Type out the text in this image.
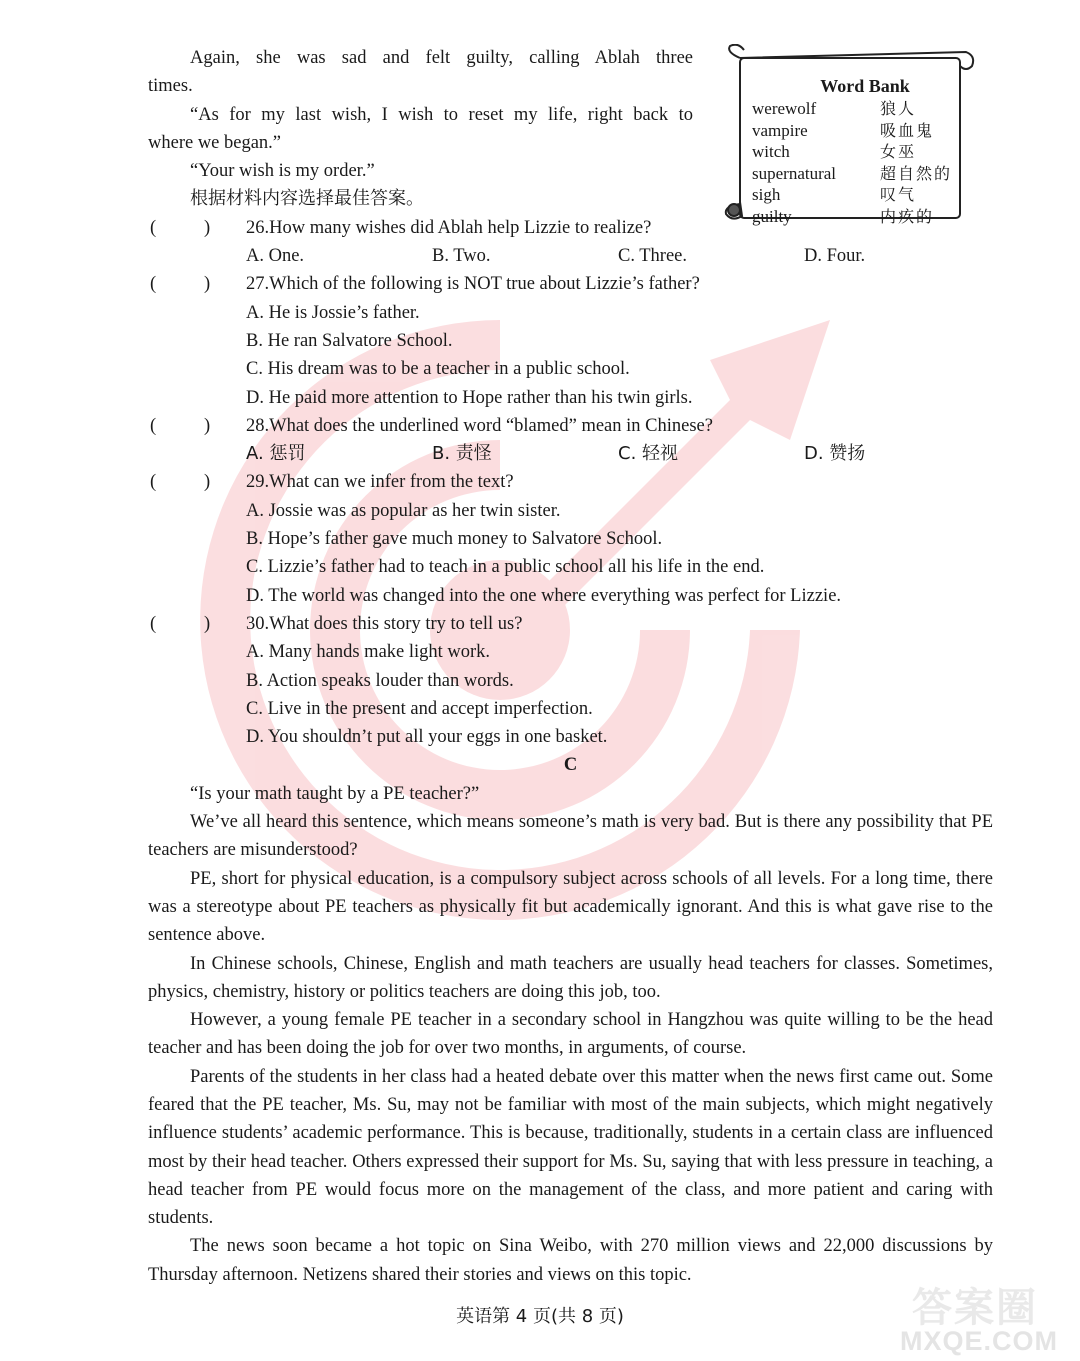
Again, she was sad and felt guilty, calling Ablah three

times.

“As for my last wish, I wish to reset my life, right back to

where we began.”

“Your wish is my order.”

根据材料内容选择最佳答案。

(	) 26. How many wishes did Ablah help Lizzie to realize?
A. One.	B. Two.	C. Three.	D. Four.
(	) 27. Which of the following is NOT true about Lizzie’s father?

A. He is Jossie’s father.

B. He ran Salvatore School.

C. His dream was to be a teacher in a public school.

D. He paid more attention to Hope rather than his twin girls.

(	) 28. What does the underlined word “blamed” mean in Chinese?
A. 惩罚	B. 责怪	C. 轻视	D. 赞扬
(	) 29. What can we infer from the text?

A. Jossie was as popular as her twin sister.

B. Hope’s father gave much money to Salvatore School.

C. Lizzie’s father had to teach in a public school all his life in the end.

D. The world was changed into the one where everything was perfect for Lizzie.

(	) 30. What does this story try to tell us?

A. Many hands make light work.

B. Action speaks louder than words.

C. Live in the present and accept imperfection.

D. You shouldn’t put all your eggs in one basket.

C

“Is your math taught by a PE teacher?”

We’ve all heard this sentence, which means someone’s math is very bad. But is there any possibility that PE teachers are misunderstood?

PE, short for physical education, is a compulsory subject across schools of all levels. For a long time, there was a stereotype about PE teachers as physically fit but academically ignorant. And this is what gave rise to the sentence above.

In Chinese schools, Chinese, English and math teachers are usually head teachers for classes. Sometimes, physics, chemistry, history or politics teachers are doing this job, too.

However, a young female PE teacher in a secondary school in Hangzhou was quite willing to be the head teacher and has been doing the job for over two months, in arguments, of course.

Parents of the students in her class had a heated debate over this matter when the news first came out. Some feared that the PE teacher, Ms. Su, may not be familiar with most of the main subjects, which might negatively influence students’ academic performance. This is because, traditionally, students in a certain class are influenced most by their head teacher. Others expressed their support for Ms. Su, saying that with less pressure in teaching, a head teacher from PE would focus more on the management of the class, and more patient and caring with students.

The news soon became a hot topic on Sina Weibo, with 270 million views and 22,000 discussions by Thursday afternoon. Netizens shared their stories and views on this topic.

Word Bank
werewolf	狼人
vampire	吸血鬼
witch	女巫
supernatural	超自然的
sigh	叹气
guilty	内疚的
英语第 4 页(共 8 页)	答案圈
MXQE.COM
